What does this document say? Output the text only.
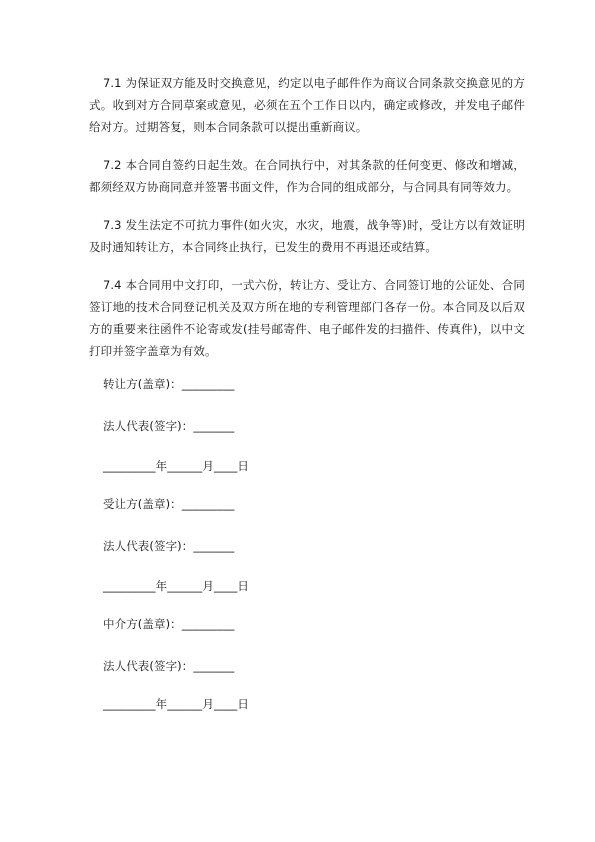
7.1 为保证双方能及时交换意见，约定以电子邮件作为商议合同条款交换意见的方式。收到对方合同草案或意见，必须在五个工作日以内，确定或修改，并发电子邮件给对方。过期答复，则本合同条款可以提出重新商议。

7.2 本合同自签约日起生效。在合同执行中，对其条款的任何变更、修改和增减，都须经双方协商同意并签署书面文件，作为合同的组成部分，与合同具有同等效力。

7.3 发生法定不可抗力事件(如火灾，水灾，地震，战争等)时，受让方以有效证明及时通知转让方，本合同终止执行，已发生的费用不再退还或结算。

7.4 本合同用中文打印，一式六份，转让方、受让方、合同签订地的公证处、合同签订地的技术合同登记机关及双方所在地的专利管理部门各存一份。本合同及以后双方的重要来往函件不论寄或发(挂号邮寄件、电子邮件发的扫描件、传真件)，以中文打印并签字盖章为有效。

转让方(盖章)：_________
法人代表(签字)：_______
_________年______月____日
受让方(盖章)：_________
法人代表(签字)：_______
_________年______月____日
中介方(盖章)：_________
法人代表(签字)：_______
_________年______月____日
